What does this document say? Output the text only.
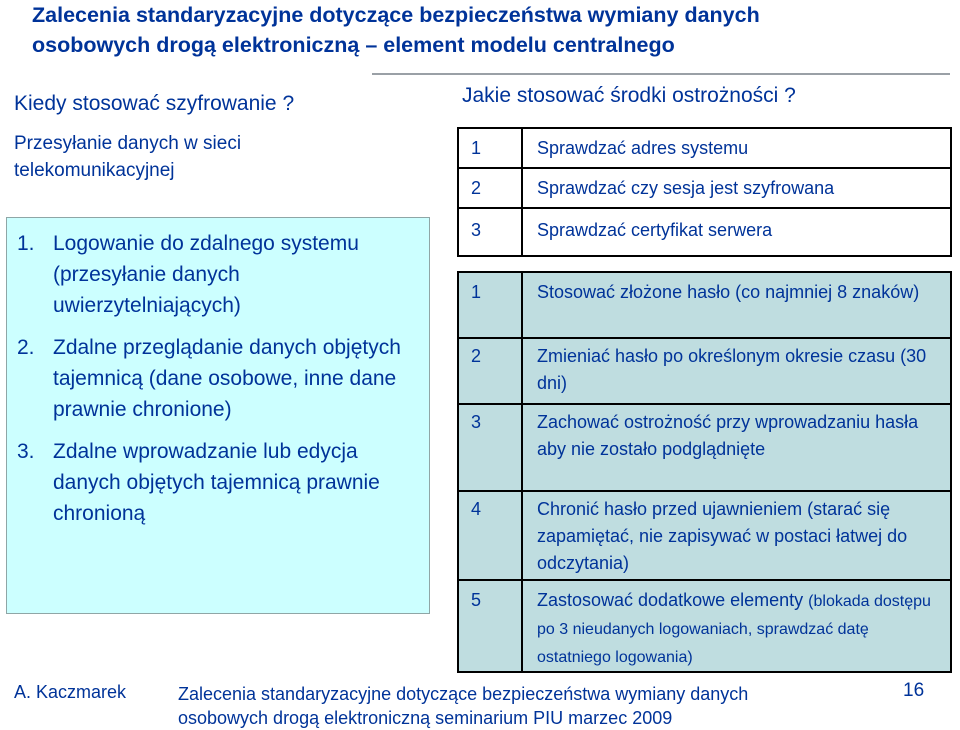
Zalecenia standaryzacyjne dotyczące bezpieczeństwa wymiany danych
osobowych drogą elektroniczną – element modelu centralnego
Kiedy stosować szyfrowanie ?
Przesyłanie danych w sieci telekomunikacyjnej
1. Logowanie do zdalnego systemu (przesyłanie danych uwierzytelniających)
2. Zdalne przeglądanie danych objętych tajemnicą (dane osobowe, inne dane prawnie chronione)
3. Zdalne wprowadzanie lub edycja danych objętych tajemnicą prawnie chronioną
Jakie stosować środki ostrożności ?
1	Sprawdzać adres systemu
2	Sprawdzać czy sesja jest szyfrowana
3	Sprawdzać certyfikat serwera
1	Stosować złożone hasło (co najmniej 8 znaków)
2	Zmieniać hasło po określonym okresie czasu (30 dni)
3	Zachować ostrożność przy wprowadzaniu hasła aby nie zostało podglądnięte
4	Chronić hasło przed ujawnieniem (starać się zapamiętać, nie zapisywać w postaci łatwej do odczytania)
5	Zastosować dodatkowe elementy (blokada dostępu po 3 nieudanych logowaniach, sprawdzać datę ostatniego logowania)
A. Kaczmarek	Zalecenia standaryzacyjne dotyczące bezpieczeństwa wymiany danych osobowych drogą elektroniczną seminarium PIU marzec 2009
16
